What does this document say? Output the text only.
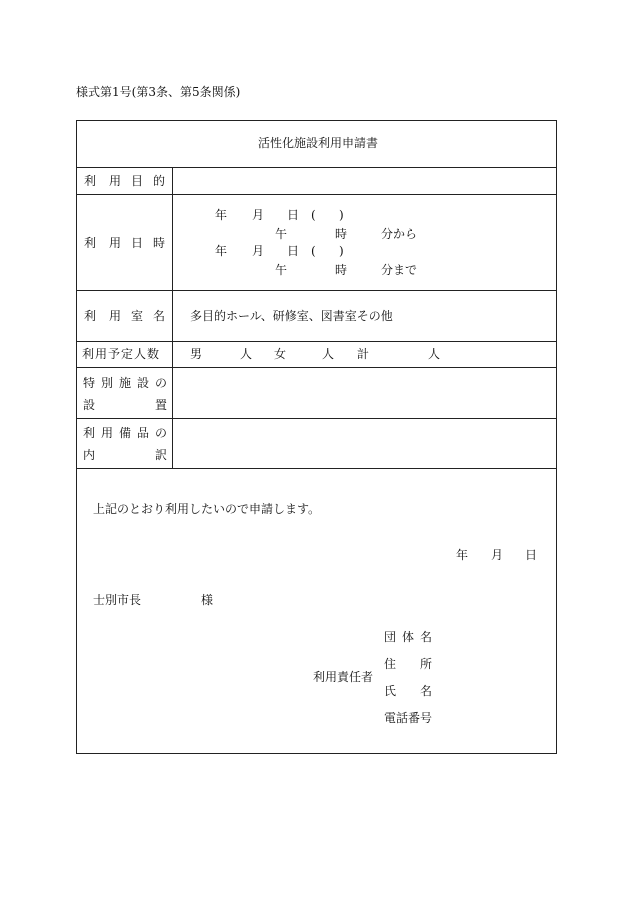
様式第1号(第3条、第5条関係)
活性化施設利用申請書
利 用 目 的
利 用 日 時
年 月 日 ( )
午	時	分から
年 月 日 ( )
午	時	分まで
利 用 室 名 多目的ホール、研修室、図書室その他
利用予定人数 男	人 女	人 計	人
特 別 施 設 の
設	置
利 用 備 品 の
内	訳
上記のとおり利用したいので申請します。
年 月 日
士別市長	様
利用責任者
団 体 名
住 所
氏 名
電話番号
